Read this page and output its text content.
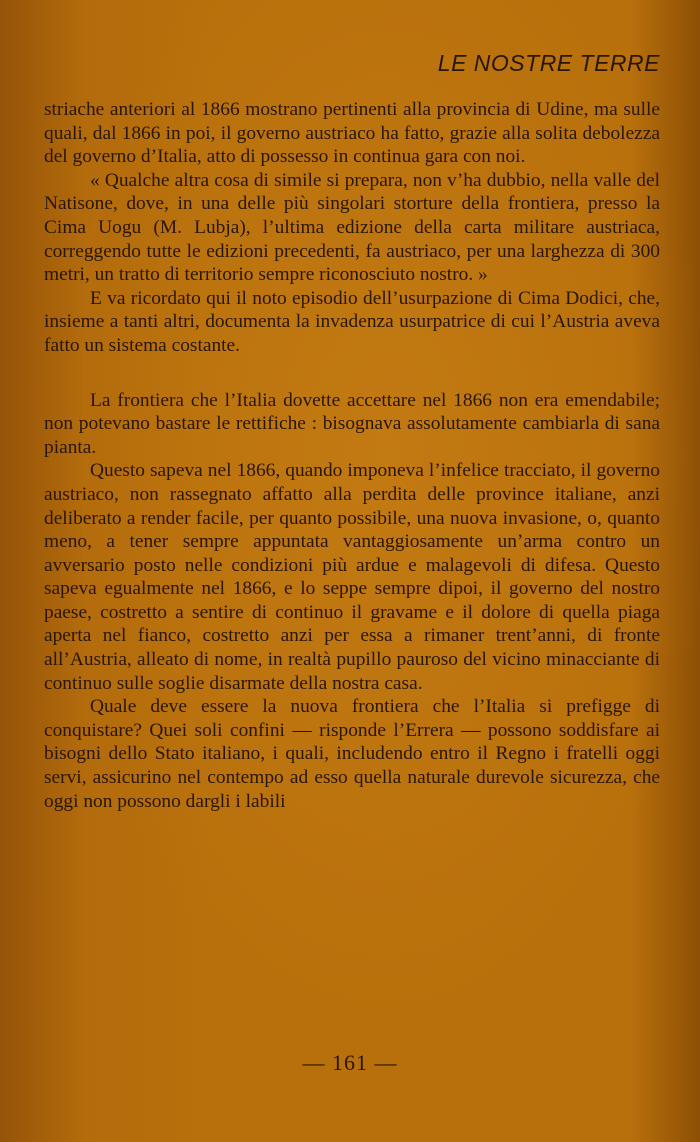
LE NOSTRE TERRE

striache anteriori al 1866 mostrano pertinenti alla provincia di Udine, ma sulle quali, dal 1866 in poi, il governo austriaco ha fatto, grazie alla solita debolezza del governo d’Italia, atto di possesso in continua gara con noi.

« Qualche altra cosa di simile si prepara, non v’ha dubbio, nella valle del Natisone, dove, in una delle più singolari storture della frontiera, presso la Cima Uogu (M. Lubja), l’ultima edizione della carta militare austriaca, correggendo tutte le edizioni precedenti, fa austriaco, per una larghezza di 300 metri, un tratto di territorio sempre riconosciuto nostro. »

E va ricordato qui il noto episodio dell’usurpazione di Cima Dodici, che, insieme a tanti altri, documenta la invadenza usurpatrice di cui l’Austria aveva fatto un sistema costante.

La frontiera che l’Italia dovette accettare nel 1866 non era emendabile; non potevano bastare le rettifiche : bisognava assolutamente cambiarla di sana pianta.

Questo sapeva nel 1866, quando imponeva l’infelice tracciato, il governo austriaco, non rassegnato affatto alla perdita delle province italiane, anzi deliberato a render facile, per quanto possibile, una nuova invasione, o, quanto meno, a tener sempre appuntata vantaggiosamente un’arma contro un avversario posto nelle condizioni più ardue e malagevoli di difesa. Questo sapeva egualmente nel 1866, e lo seppe sempre dipoi, il governo del nostro paese, costretto a sentire di continuo il gravame e il dolore di quella piaga aperta nel fianco, costretto anzi per essa a rimaner trent’anni, di fronte all’Austria, alleato di nome, in realtà pupillo pauroso del vicino minacciante di continuo sulle soglie disarmate della nostra casa.

Quale deve essere la nuova frontiera che l’Italia si prefigge di conquistare? Quei soli confini — risponde l’Errera — possono soddisfare ai bisogni dello Stato italiano, i quali, includendo entro il Regno i fratelli oggi servi, assicurino nel contempo ad esso quella naturale durevole sicurezza, che oggi non possono dargli i labili

— 161 —
